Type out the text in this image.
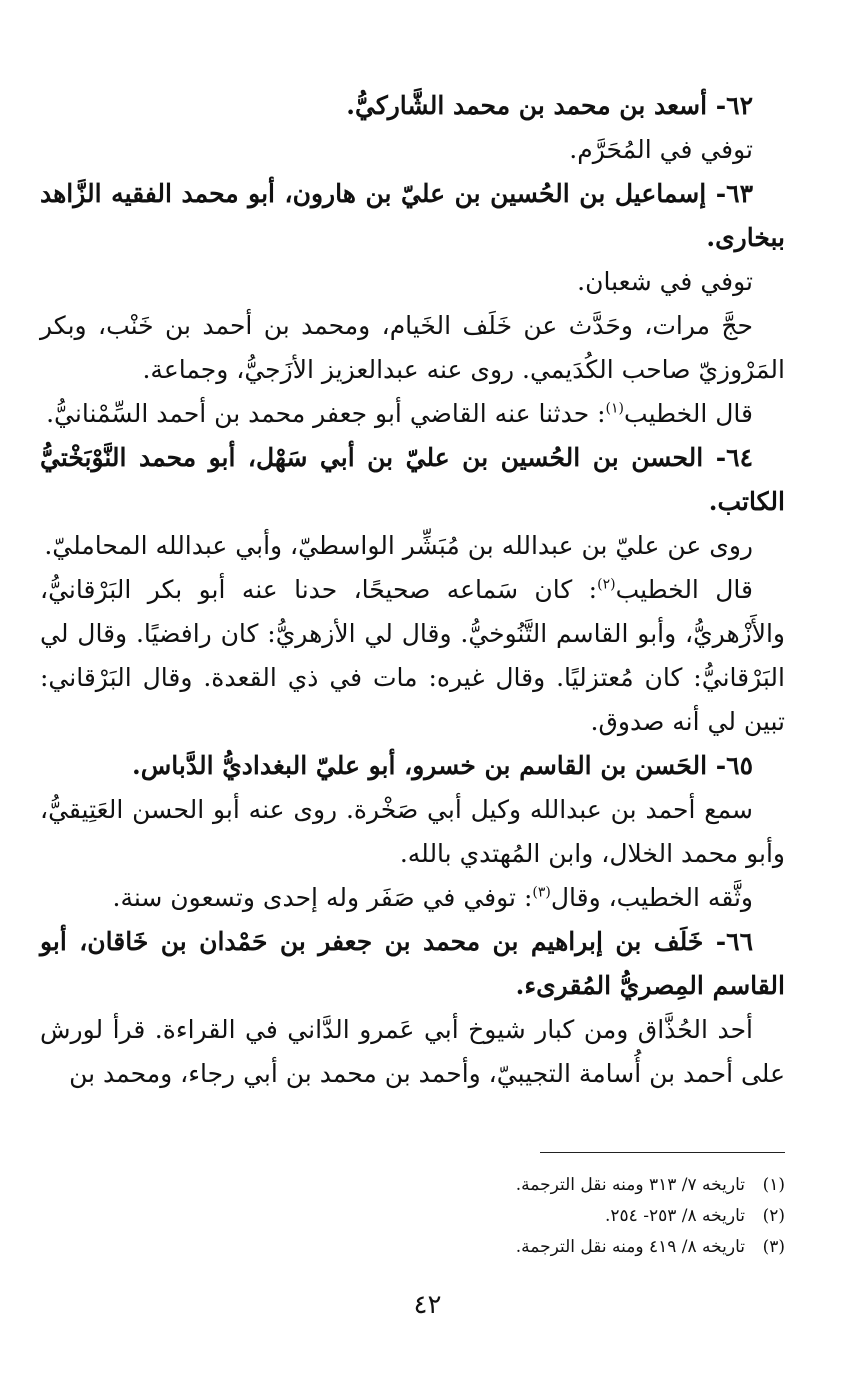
٦٢- أسعد بن محمد بن محمد الشَّاركيُّ.

توفي في المُحَرَّم.

٦٣- إسماعيل بن الحُسين بن عليّ بن هارون، أبو محمد الفقيه الزَّاهد ببخارى.

توفي في شعبان.

حجَّ مرات، وحَدَّث عن خَلَف الخَيام، ومحمد بن أحمد بن خَنْب، وبكر المَرْوزيّ صاحب الكُدَيمي. روى عنه عبدالعزيز الأزَجيُّ، وجماعة.

قال الخطيب$^{(١)}$: حدثنا عنه القاضي أبو جعفر محمد بن أحمد السِّمْنانيُّ.

٦٤- الحسن بن الحُسين بن عليّ بن أبي سَهْل، أبو محمد النَّوْبَخْتيُّ الكاتب.

روى عن عليّ بن عبدالله بن مُبَشِّر الواسطيّ، وأبي عبدالله المحامليّ.

قال الخطيب$^{(٢)}$: كان سَماعه صحيحًا، حدنا عنه أبو بكر البَرْقانيُّ، والأَزْهريُّ، وأبو القاسم التَّنُوخيُّ. وقال لي الأزهريُّ: كان رافضيًا. وقال لي البَرْقانيُّ: كان مُعتزليًا. وقال غيره: مات في ذي القعدة. وقال البَرْقاني: تبين لي أنه صدوق.

٦٥- الحَسن بن القاسم بن خسرو، أبو عليّ البغداديُّ الدَّباس.

سمع أحمد بن عبدالله وكيل أبي صَخْرة. روى عنه أبو الحسن العَتِيقيُّ، وأبو محمد الخلال، وابن المُهتدي بالله.

وثَّقه الخطيب، وقال$^{(٣)}$: توفي في صَفَر وله إحدى وتسعون سنة.

٦٦- خَلَف بن إبراهيم بن محمد بن جعفر بن حَمْدان بن خَاقان، أبو القاسم المِصريُّ المُقرىء.

أحد الحُذَّاق ومن كبار شيوخ أبي عَمرو الدَّاني في القراءة. قرأ لورش على أحمد بن أُسامة التجيبيّ، وأحمد بن محمد بن أبي رجاء، ومحمد بن

(١)تاريخه ٧/ ٣١٣ ومنه نقل الترجمة.
(٢)تاريخه ٨/ ٢٥٣- ٢٥٤.
(٣)تاريخه ٨/ ٤١٩ ومنه نقل الترجمة.
٤٢
